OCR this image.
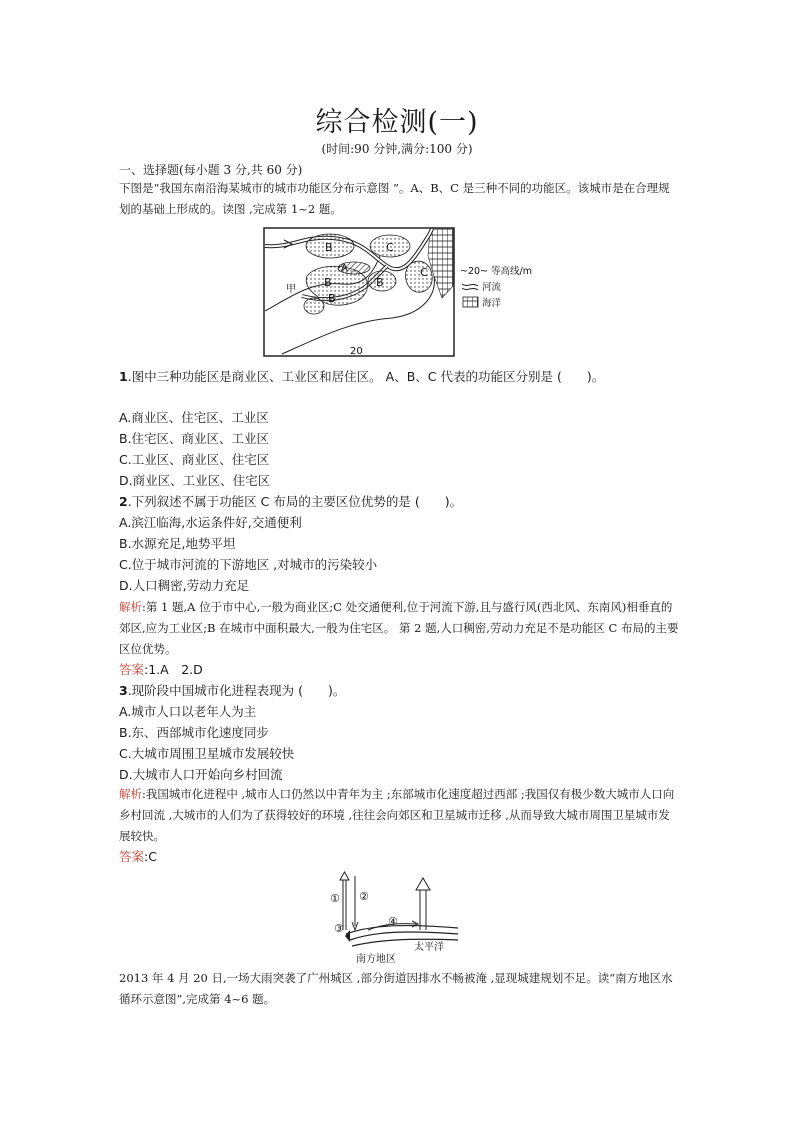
综合检测(一)
(时间:90 分钟,满分:100 分)
一、选择题(每小题 3 分,共 60 分)
下图是“我国东南沿海某城市的城市功能区分布示意图 ”。A、B、C 是三种不同的功能区。该城市是在合理规划的基础上形成的。读图 ,完成第 1~2 题。
B	C
A
B
B
B
C
甲
20
~20~ 等高线/m
河流
海洋
1.图中三种功能区是商业区、工业区和居住区。 A、B、C 代表的功能区分别是 (　　)。
A.商业区、住宅区、工业区
B.住宅区、商业区、工业区
C.工业区、商业区、住宅区
D.商业区、工业区、住宅区
2.下列叙述不属于功能区 C 布局的主要区位优势的是 (　　)。
A.滨江临海,水运条件好,交通便利
B.水源充足,地势平坦
C.位于城市河流的下游地区 ,对城市的污染较小
D.人口稠密,劳动力充足
解析:第 1 题,A 位于市中心,一般为商业区;C 处交通便利,位于河流下游,且与盛行风(西北风、东南风)相垂直的郊区,应为工业区;B 在城市中面积最大,一般为住宅区。 第 2 题,人口稠密,劳动力充足不是功能区 C 布局的主要区位优势。
答案:1.A　2.D
3.现阶段中国城市化进程表现为 (　　)。
A.城市人口以老年人为主
B.东、西部城市化速度同步
C.大城市周围卫星城市发展较快
D.大城市人口开始向乡村回流
解析:我国城市化进程中 ,城市人口仍然以中青年为主 ;东部城市化速度超过西部 ;我国仅有极少数大城市人口向乡村回流 ,大城市的人们为了获得较好的环境 ,往往会向郊区和卫星城市迁移 ,从而导致大城市周围卫星城市发展较快。
答案:C
① ②
③
④
太平洋
南方地区
2013 年 4 月 20 日,一场大雨突袭了广州城区 ,部分街道因排水不畅被淹 ,显现城建规划不足。读“南方地区水循环示意图”,完成第 4~6 题。
